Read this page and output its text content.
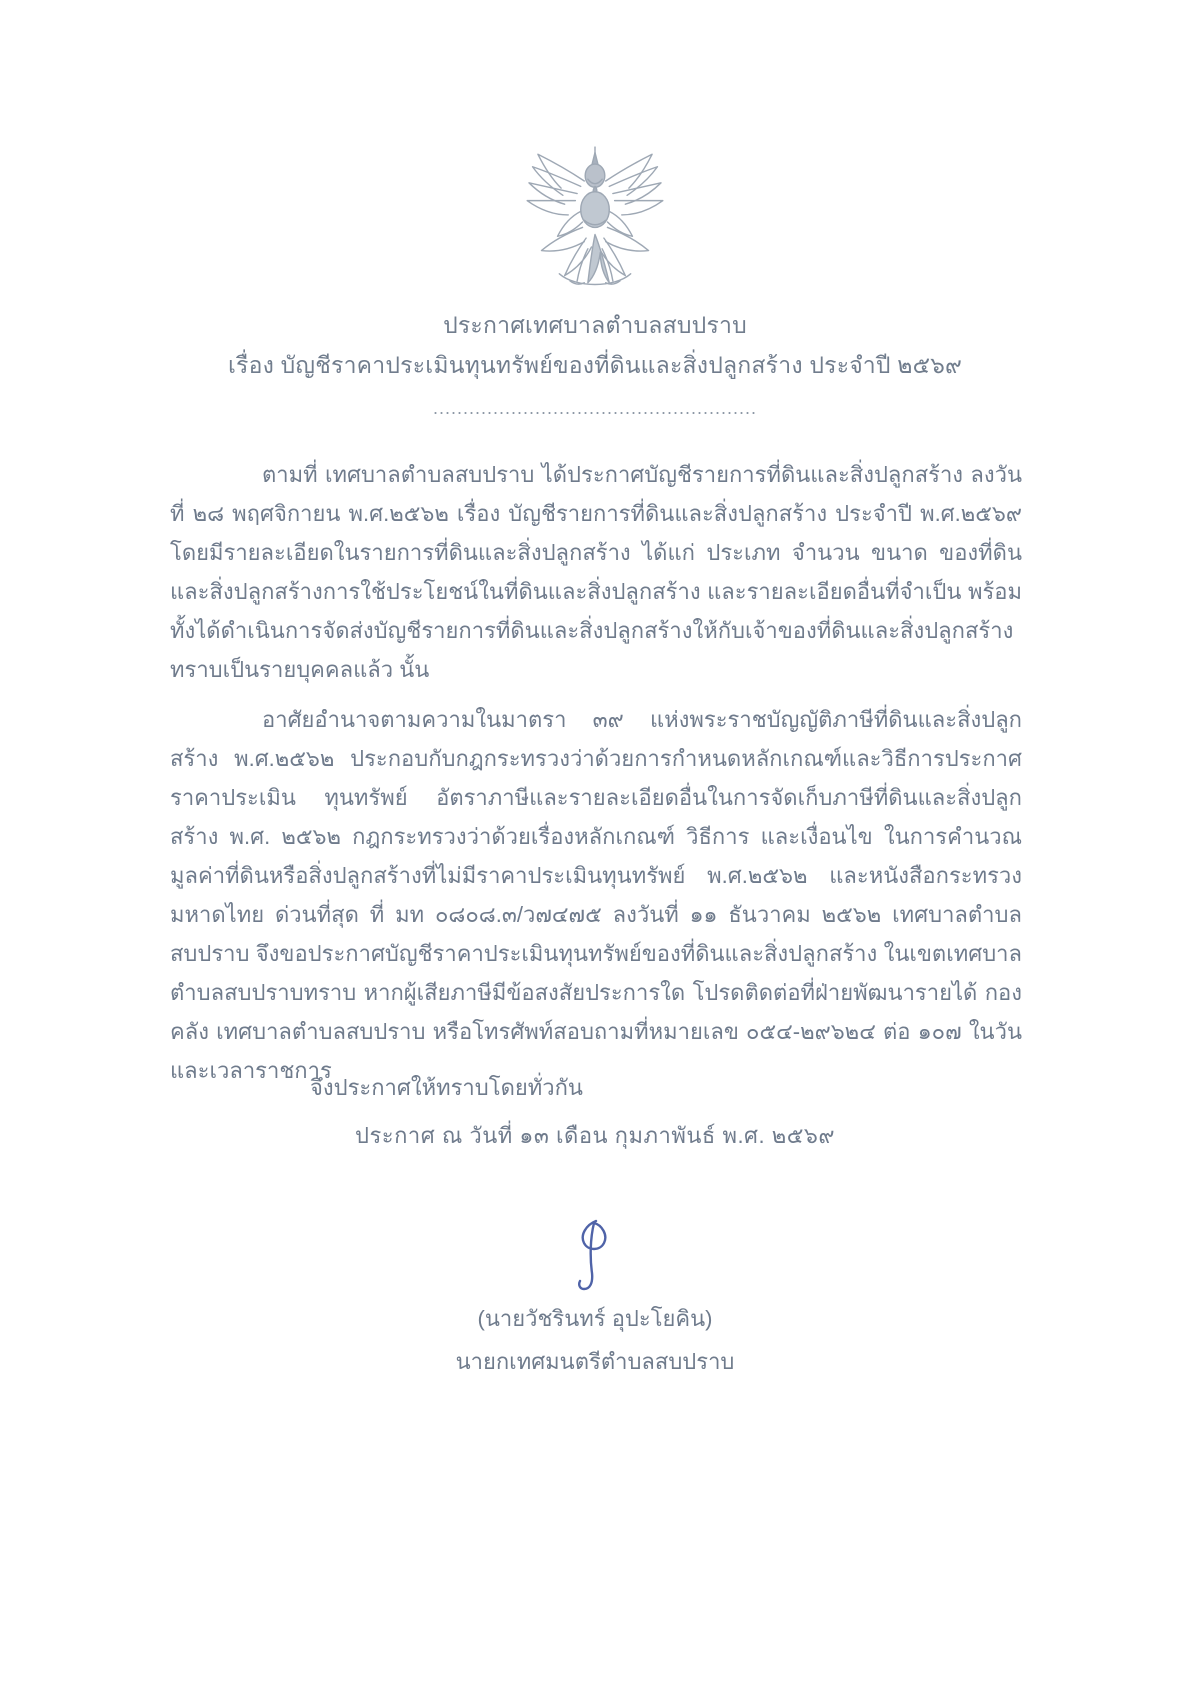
ประกาศเทศบาลตำบลสบปราบ
เรื่อง บัญชีราคาประเมินทุนทรัพย์ของที่ดินและสิ่งปลูกสร้าง ประจำปี ๒๕๖๙
......................................................
ตามที่ เทศบาลตำบลสบปราบ ได้ประกาศบัญชีรายการที่ดินและสิ่งปลูกสร้าง ลงวันที่ ๒๘ พฤศจิกายน พ.ศ.๒๕๖๒ เรื่อง บัญชีรายการที่ดินและสิ่งปลูกสร้าง ประจำปี พ.ศ.๒๕๖๙ โดยมีรายละเอียดในรายการที่ดินและสิ่งปลูกสร้าง ได้แก่ ประเภท จำนวน ขนาด ของที่ดินและสิ่งปลูกสร้างการใช้ประโยชน์ในที่ดินและสิ่งปลูกสร้าง และรายละเอียดอื่นที่จำเป็น พร้อมทั้งได้ดำเนินการจัดส่งบัญชีรายการที่ดินและสิ่งปลูกสร้างให้กับเจ้าของที่ดินและสิ่งปลูกสร้างทราบเป็นรายบุคคลแล้ว นั้น
อาศัยอำนาจตามความในมาตรา ๓๙ แห่งพระราชบัญญัติภาษีที่ดินและสิ่งปลูกสร้าง พ.ศ.๒๕๖๒ ประกอบกับกฎกระทรวงว่าด้วยการกำหนดหลักเกณฑ์และวิธีการประกาศราคาประเมิน ทุนทรัพย์ อัตราภาษีและรายละเอียดอื่นในการจัดเก็บภาษีที่ดินและสิ่งปลูกสร้าง พ.ศ. ๒๕๖๒ กฎกระทรวงว่าด้วยเรื่องหลักเกณฑ์ วิธีการ และเงื่อนไข ในการคำนวณมูลค่าที่ดินหรือสิ่งปลูกสร้างที่ไม่มีราคาประเมินทุนทรัพย์ พ.ศ.๒๕๖๒ และหนังสือกระทรวงมหาดไทย ด่วนที่สุด ที่ มท ๐๘๐๘.๓/ว๗๔๗๕ ลงวันที่ ๑๑ ธันวาคม ๒๕๖๒ เทศบาลตำบลสบปราบ จึงขอประกาศบัญชีราคาประเมินทุนทรัพย์ของที่ดินและสิ่งปลูกสร้าง ในเขตเทศบาลตำบลสบปราบทราบ หากผู้เสียภาษีมีข้อสงสัยประการใด โปรดติดต่อที่ฝ่ายพัฒนารายได้ กองคลัง เทศบาลตำบลสบปราบ หรือโทรศัพท์สอบถามที่หมายเลข ๐๕๔-๒๙๖๒๔ ต่อ ๑๐๗ ในวันและเวลาราชการ
จึงประกาศให้ทราบโดยทั่วกัน
ประกาศ ณ วันที่ ๑๓ เดือน กุมภาพันธ์ พ.ศ. ๒๕๖๙
(นายวัชรินทร์ อุปะโยคิน)
นายกเทศมนตรีตำบลสบปราบ
